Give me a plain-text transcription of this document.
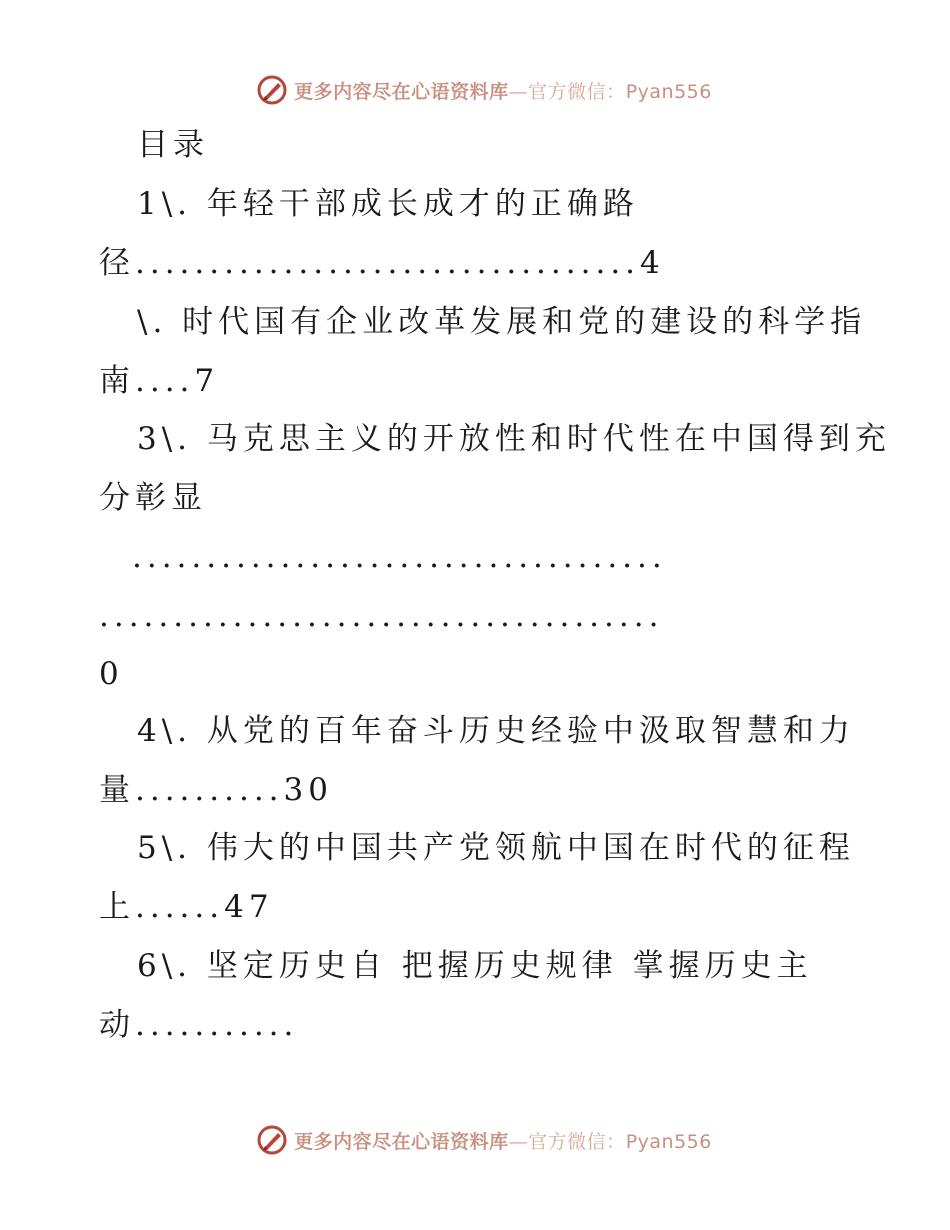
更多内容尽在心语资料库—官方微信：Pyan556
目录
1\. 年轻干部成长成才的正确路
径..................................4
\. 时代国有企业改革发展和党的建设的科学指
南....7
3\. 马克思主义的开放性和时代性在中国得到充
分彰显
....................................
......................................
0
4\. 从党的百年奋斗历史经验中汲取智慧和力
量..........30
5\. 伟大的中国共产党领航中国在时代的征程
上......47
6\. 坚定历史自 把握历史规律 掌握历史主
动...........
更多内容尽在心语资料库—官方微信：Pyan556
